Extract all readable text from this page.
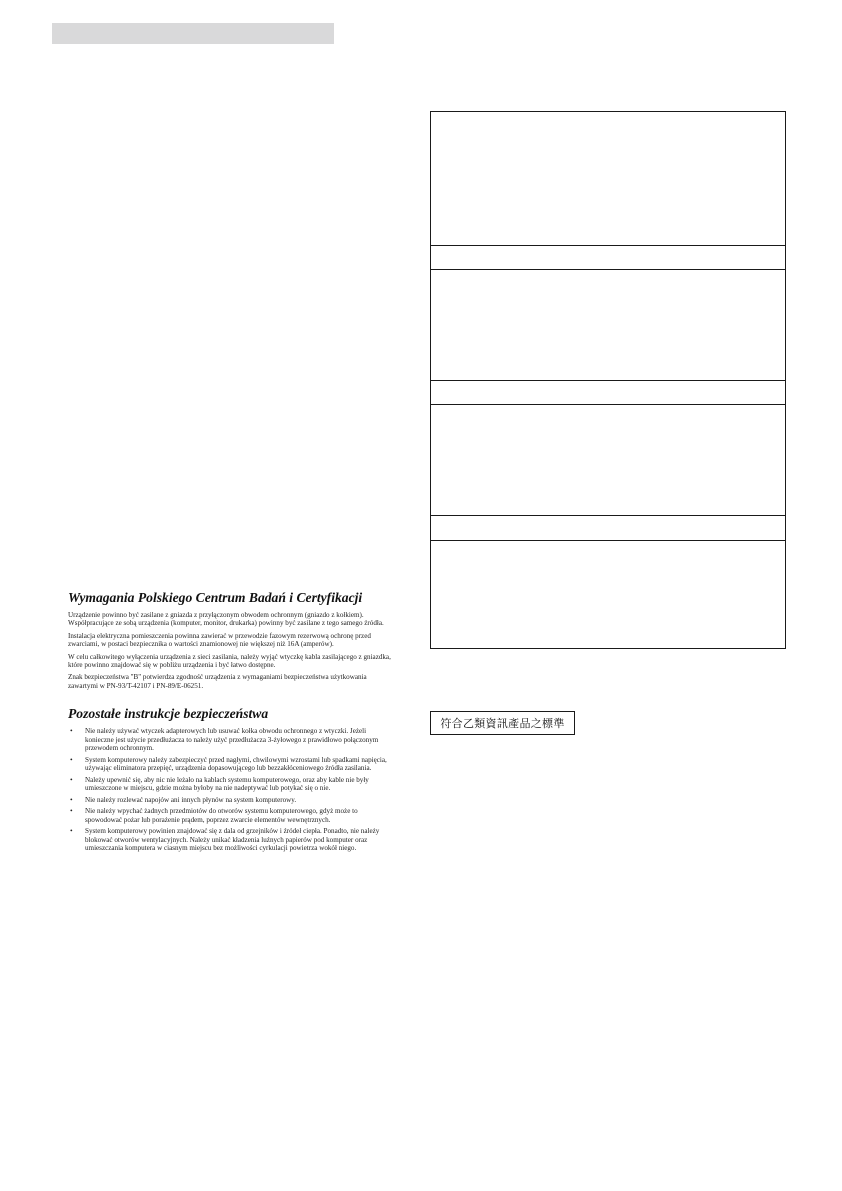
Wymagania Polskiego Centrum Badań i Certyfikacji

Urządzenie powinno być zasilane z gniazda z przyłączonym obwodem ochronnym (gniazdo z kołkiem). Współpracujące ze sobą urządzenia (komputer, monitor, drukarka) powinny być zasilane z tego samego źródła.

Instalacja elektryczna pomieszczenia powinna zawierać w przewodzie fazowym rezerwową ochronę przed zwarciami, w postaci bezpiecznika o wartości znamionowej nie większej niż 16A (amperów).

W celu całkowitego wyłączenia urządzenia z sieci zasilania, należy wyjąć wtyczkę kabla zasilającego z gniazdka, które powinno znajdować się w pobliżu urządzenia i być łatwo dostępne.

Znak bezpieczeństwa "B" potwierdza zgodność urządzenia z wymaganiami bezpieczeństwa użytkowania zawartymi w PN-93/T-42107 i PN-89/E-06251.

Pozostałe instrukcje bezpieczeństwa
• Nie należy używać wtyczek adapterowych lub usuwać kołka obwodu ochronnego z wtyczki. Jeżeli konieczne jest użycie przedłużacza to należy użyć przedłużacza 3-żyłowego z prawidłowo połączonym przewodem ochronnym.
• System komputerowy należy zabezpieczyć przed nagłymi, chwilowymi wzrostami lub spadkami napięcia, używając eliminatora przepięć, urządzenia dopasowującego lub bezzakłóceniowego źródła zasilania.
• Należy upewnić się, aby nic nie leżało na kablach systemu komputerowego, oraz aby kable nie były umieszczone w miejscu, gdzie można byłoby na nie nadeptywać lub potykać się o nie.
• Nie należy rozlewać napojów ani innych płynów na system komputerowy.
• Nie należy wpychać żadnych przedmiotów do otworów systemu komputerowego, gdyż może to spowodować pożar lub porażenie prądem, poprzez zwarcie elementów wewnętrznych.
• System komputerowy powinien znajdować się z dala od grzejników i źródeł ciepła. Ponadto, nie należy blokować otworów wentylacyjnych. Należy unikać kładzenia luźnych papierów pod komputer oraz umieszczania komputera w ciasnym miejscu bez możliwości cyrkulacji powietrza wokół niego.
符合乙類資訊產品之標準
